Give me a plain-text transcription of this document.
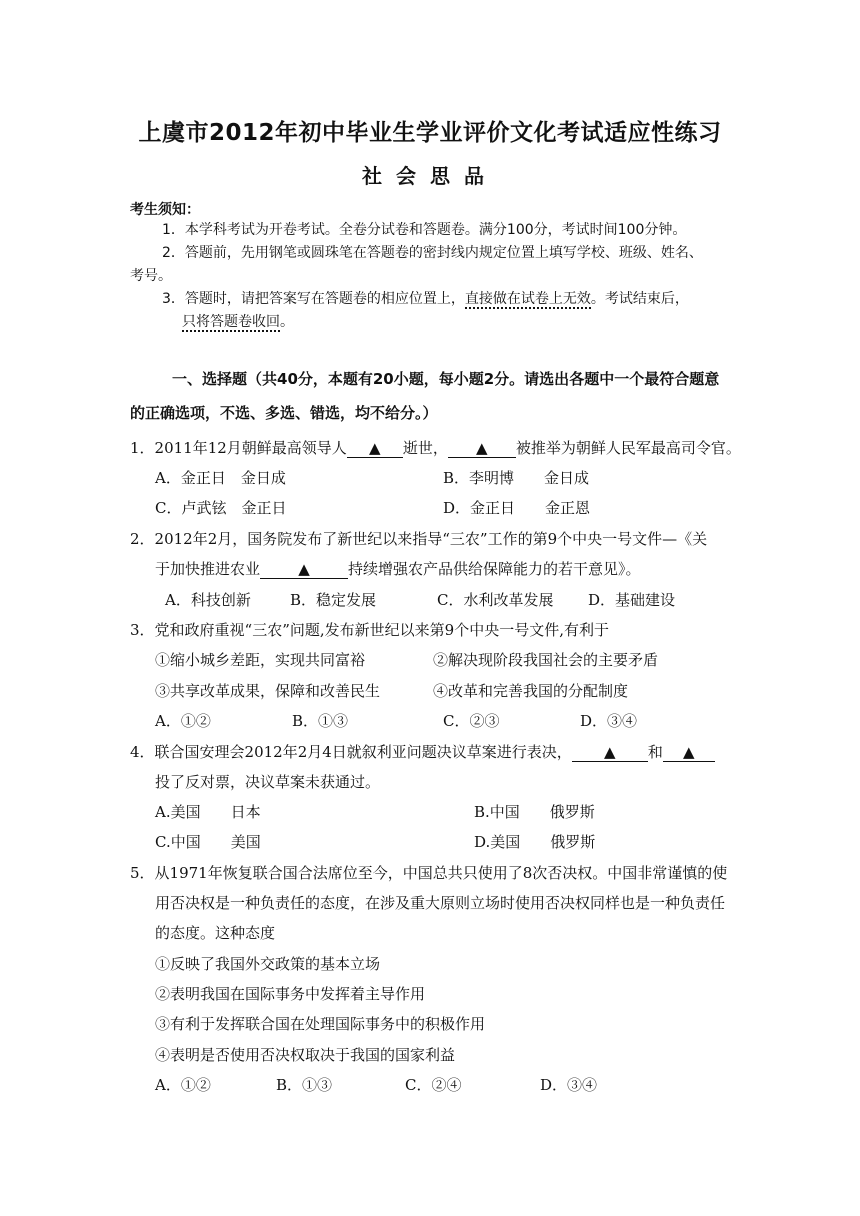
上虞市2012年初中毕业生学业评价文化考试适应性练习
社会思品
考生须知：
1．本学科考试为开卷考试。全卷分试卷和答题卷。满分100分，考试时间100分钟。
2．答题前，先用钢笔或圆珠笔在答题卷的密封线内规定位置上填写学校、班级、姓名、
考号。
3．答题时，请把答案写在答题卷的相应位置上，直接做在试卷上无效。考试结束后，
只将答题卷收回。
一、选择题（共40分，本题有20小题，每小题2分。请选出各题中一个最符合题意
的正确选项，不选、多选、错选，均不给分。）
1．2011年12月朝鲜最高领导人 ▲ 逝世， ▲ 被推举为朝鲜人民军最高司令官。
A．金正日　金日成	B．李明博　　金日成
C．卢武铉　金正日	D．金正日　　金正恩
2．2012年2月，国务院发布了新世纪以来指导“三农”工作的第9个中央一号文件—《关
于加快推进农业	▲	持续增强农产品供给保障能力的若干意见》。
A．科技创新	B．稳定发展	C．水利改革发展 D．基础建设
3．党和政府重视“三农”问题,发布新世纪以来第9个中央一号文件,有利于
①缩小城乡差距，实现共同富裕	②解决现阶段我国社会的主要矛盾
③共享改革成果，保障和改善民生	④改革和完善我国的分配制度
A．①②	B．①③	C．②③	D．③④
4．联合国安理会2012年2月4日就叙利亚问题决议草案进行表决， ▲ 和 ▲
投了反对票，决议草案未获通过。
A.美国　　日本	B.中国　　俄罗斯
C.中国　　美国	D.美国　　俄罗斯
5．从1971年恢复联合国合法席位至今，中国总共只使用了8次否决权。中国非常谨慎的使
用否决权是一种负责任的态度，在涉及重大原则立场时使用否决权同样也是一种负责任
的态度。这种态度
①反映了我国外交政策的基本立场
②表明我国在国际事务中发挥着主导作用
③有利于发挥联合国在处理国际事务中的积极作用
④表明是否使用否决权取决于我国的国家利益
A．①②	B．①③	C．②④	D．③④
